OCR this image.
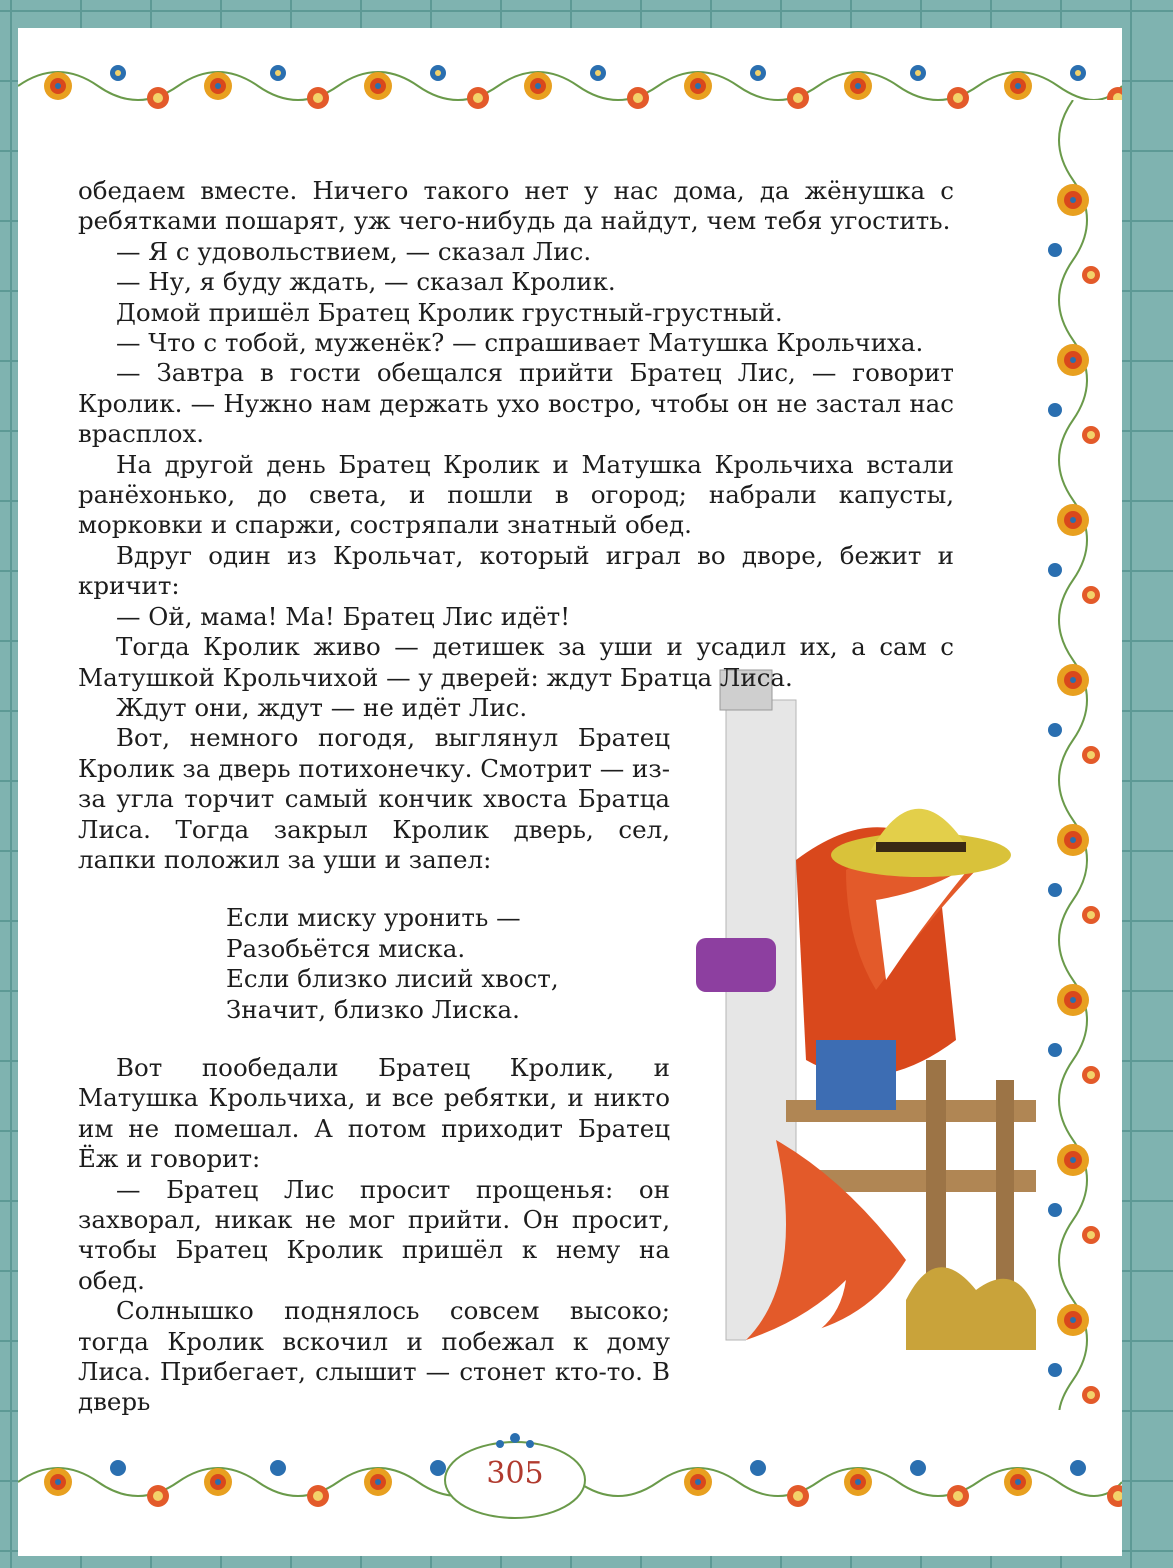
305

обедаем вместе. Ничего такого нет у нас дома, да жёнушка с ребятками пошарят, уж чего-нибудь да найдут, чем тебя угостить.

— Я с удовольствием, — сказал Лис.

— Ну, я буду ждать, — сказал Кролик.

Домой пришёл Братец Кролик грустный-грустный.

— Что с тобой, муженёк? — спрашивает Матушка Крольчиха.

— Завтра в гости обещался прийти Братец Лис, — говорит Кролик. — Нужно нам держать ухо востро, чтобы он не застал нас врасплох.

На другой день Братец Кролик и Матушка Крольчиха встали ранёхонько, до света, и пошли в огород; набрали капусты, морковки и спаржи, состряпали знатный обед.

Вдруг один из Крольчат, который играл во дворе, бежит и кричит:

— Ой, мама! Ма! Братец Лис идёт!

Тогда Кролик живо — детишек за уши и усадил их, а сам с Матушкой Крольчихой — у дверей: ждут Братца Лиса.

Ждут они, ждут — не идёт Лис.

Вот, немного погодя, выглянул Братец Кролик за дверь потихонечку. Смотрит — из-за угла торчит самый кончик хвоста Братца Лиса. Тогда закрыл Кролик дверь, сел, лапки положил за уши и запел:

Если миску уронить —
Разобьётся миска.
Если близко лисий хвост,
Значит, близко Лиска.

Вот пообедали Братец Кролик, и Матушка Крольчиха, и все ребятки, и никто им не помешал. А потом приходит Братец Ёж и говорит:

— Братец Лис просит прощенья: он захворал, никак не мог прийти. Он просит, чтобы Братец Кролик пришёл к нему на обед.

Солнышко поднялось совсем высоко; тогда Кролик вскочил и побежал к дому Лиса. Прибегает, слышит — стонет кто-то. В дверь
